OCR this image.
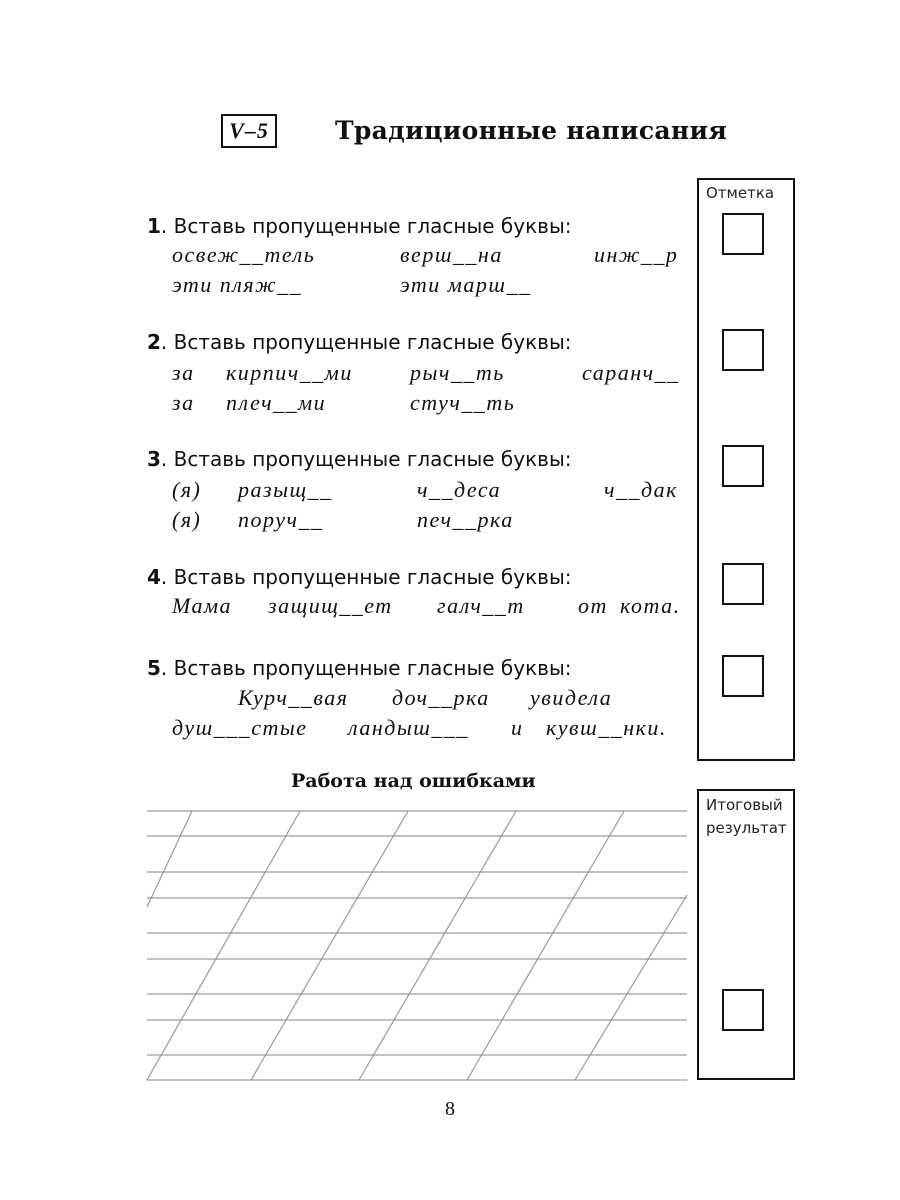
V–5	Традиционные написания
Отметка
1. Вставь пропущенные гласные буквы:
освеж__тель	верш__на	инж__р
эти пляж__	эти марш__
2. Вставь пропущенные гласные буквы:
за кирпич__ми	рыч__ть	саранч__
за плеч__ми	стуч__ть
3. Вставь пропущенные гласные буквы:
(я) разыщ__	ч__деса	ч__дак
(я) поруч__	печ__рка
4. Вставь пропущенные гласные буквы:
Мама защищ__ет галч__т от кота.
5. Вставь пропущенные гласные буквы:
Курч__вая доч__рка увидела
душ___стые ландыш___ и кувш__нки.
Работа над ошибками
Итоговый
результат
8
